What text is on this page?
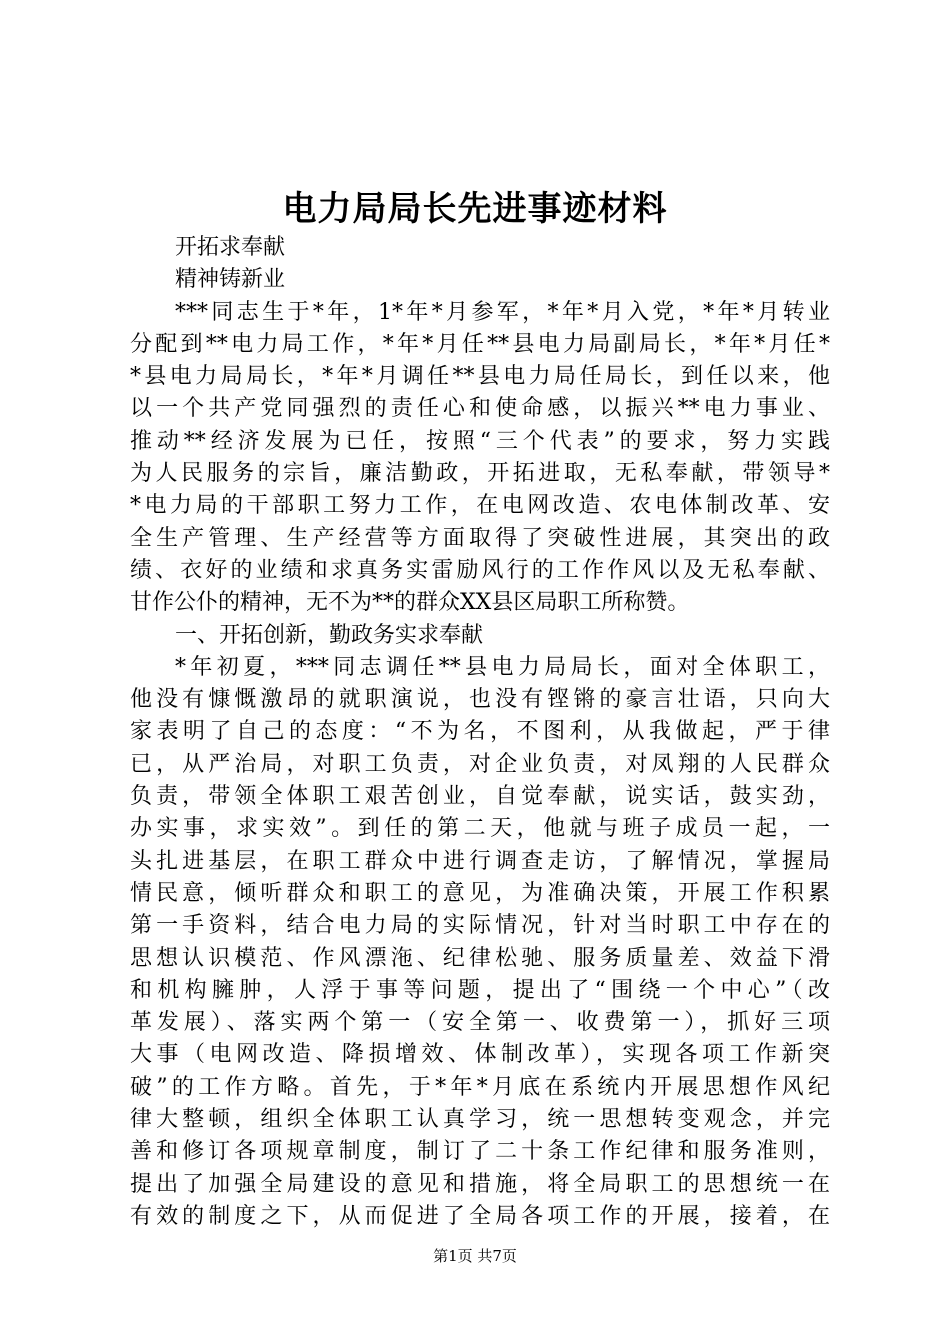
电力局局长先进事迹材料
开拓求奉献
精神铸新业
***同志生于*年，1*年*月参军，*年*月入党，*年*月转业
分配到**电力局工作，*年*月任**县电力局副局长，*年*月任*
*县电力局局长，*年*月调任**县电力局任局长，到任以来，他
以一个共产党同强烈的责任心和使命感，以振兴**电力事业、
推动**经济发展为已任，按照“三个代表”的要求，努力实践
为人民服务的宗旨，廉洁勤政，开拓进取，无私奉献，带领导*
*电力局的干部职工努力工作，在电网改造、农电体制改革、安
全生产管理、生产经营等方面取得了突破性进展，其突出的政
绩、衣好的业绩和求真务实雷励风行的工作作风以及无私奉献、
甘作公仆的精神，无不为**的群众XX县区局职工所称赞。
一、开拓创新，勤政务实求奉献
*年初夏，***同志调任**县电力局局长，面对全体职工，
他没有慷慨激昂的就职演说，也没有铿锵的豪言壮语，只向大
家表明了自己的态度：“不为名，不图利，从我做起，严于律
已，从严治局，对职工负责，对企业负责，对凤翔的人民群众
负责，带领全体职工艰苦创业，自觉奉献，说实话，鼓实劲，
办实事，求实效”。到任的第二天，他就与班子成员一起，一
头扎进基层，在职工群众中进行调查走访，了解情况，掌握局
情民意，倾听群众和职工的意见，为准确决策，开展工作积累
第一手资料，结合电力局的实际情况，针对当时职工中存在的
思想认识模范、作风漂沲、纪律松驰、服务质量差、效益下滑
和机构臃肿，人浮于事等问题，提出了“围绕一个中心”（改
革发展）、落实两个第一（安全第一、收费第一），抓好三项
大事（电网改造、降损增效、体制改革），实现各项工作新突
破”的工作方略。首先，于*年*月底在系统内开展思想作风纪
律大整顿，组织全体职工认真学习，统一思想转变观念，并完
善和修订各项规章制度，制订了二十条工作纪律和服务准则，
提出了加强全局建设的意见和措施，将全局职工的思想统一在
有效的制度之下，从而促进了全局各项工作的开展，接着，在
第1页 共7页
